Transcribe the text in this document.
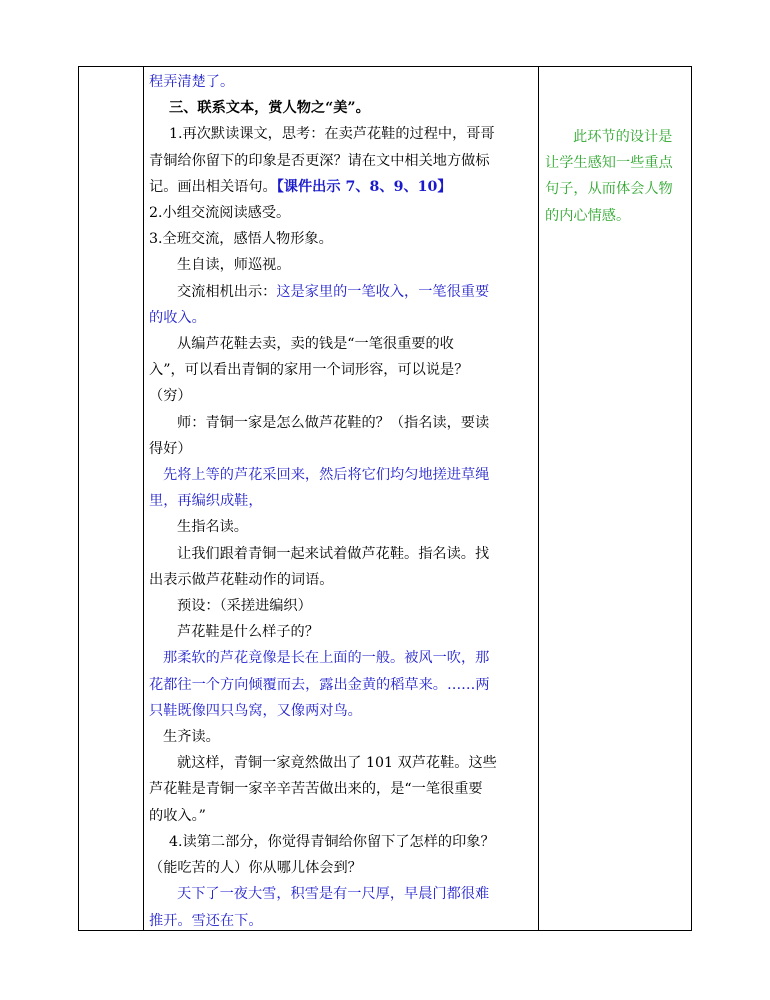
程弄清楚了。

三、联系文本，赏人物之“美”。

1.再次默读课文，思考：在卖芦花鞋的过程中，哥哥

青铜给你留下的印象是否更深？请在文中相关地方做标

记。画出相关语句。【课件出示 7、8、9、10】

2.小组交流阅读感受。

3.全班交流，感悟人物形象。

生自读，师巡视。

交流相机出示：这是家里的一笔收入，一笔很重要

的收入。

从编芦花鞋去卖，卖的钱是“一笔很重要的收

入”，可以看出青铜的家用一个词形容，可以说是？

（穷）

师：青铜一家是怎么做芦花鞋的？（指名读，要读

得好）

先将上等的芦花采回来，然后将它们均匀地搓进草绳

里，再编织成鞋，

生指名读。

让我们跟着青铜一起来试着做芦花鞋。指名读。找

出表示做芦花鞋动作的词语。

预设：（采搓进编织）

芦花鞋是什么样子的？

那柔软的芦花竟像是长在上面的一般。被风一吹，那

花都往一个方向倾覆而去，露出金黄的稻草来。……两

只鞋既像四只鸟窝，又像两对鸟。

生齐读。

就这样，青铜一家竟然做出了 101 双芦花鞋。这些

芦花鞋是青铜一家辛辛苦苦做出来的，是“一笔很重要

的收入。”

4.读第二部分，你觉得青铜给你留下了怎样的印象？

（能吃苦的人）你从哪儿体会到？

天下了一夜大雪，积雪是有一尺厚，早晨门都很难

推开。雪还在下。

此环节的设计是

让学生感知一些重点

句子，从而体会人物

的内心情感。
